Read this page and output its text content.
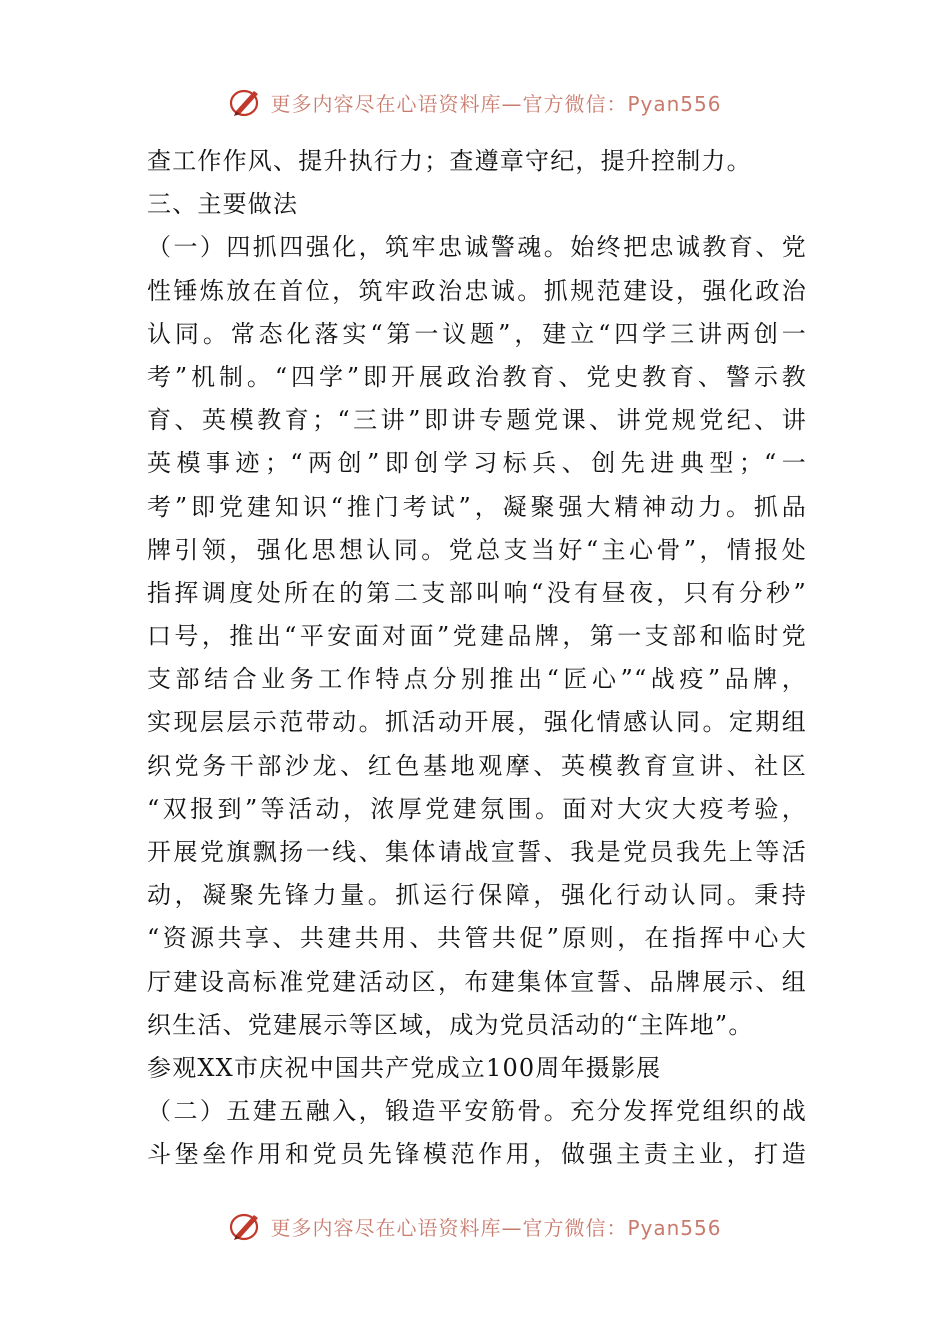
更多内容尽在心语资料库—官方微信：Pyan556
查工作作风、提升执行力；查遵章守纪，提升控制力。
三、主要做法
（一）四抓四强化，筑牢忠诚警魂。始终把忠诚教育、党
性锤炼放在首位，筑牢政治忠诚。抓规范建设，强化政治
认同。常态化落实“第一议题”，建立“四学三讲两创一
考”机制。“四学”即开展政治教育、党史教育、警示教
育、英模教育；“三讲”即讲专题党课、讲党规党纪、讲
英模事迹；“两创”即创学习标兵、创先进典型；“一
考”即党建知识“推门考试”，凝聚强大精神动力。抓品
牌引领，强化思想认同。党总支当好“主心骨”，情报处
指挥调度处所在的第二支部叫响“没有昼夜，只有分秒”
口号，推出“平安面对面”党建品牌，第一支部和临时党
支部结合业务工作特点分别推出“匠心”“战疫”品牌，
实现层层示范带动。抓活动开展，强化情感认同。定期组
织党务干部沙龙、红色基地观摩、英模教育宣讲、社区
“双报到”等活动，浓厚党建氛围。面对大灾大疫考验，
开展党旗飘扬一线、集体请战宣誓、我是党员我先上等活
动，凝聚先锋力量。抓运行保障，强化行动认同。秉持
“资源共享、共建共用、共管共促”原则，在指挥中心大
厅建设高标准党建活动区，布建集体宣誓、品牌展示、组
织生活、党建展示等区域，成为党员活动的“主阵地”。
参观XX市庆祝中国共产党成立100周年摄影展
（二）五建五融入，锻造平安筋骨。充分发挥党组织的战
斗堡垒作用和党员先锋模范作用，做强主责主业，打造
更多内容尽在心语资料库—官方微信：Pyan556
